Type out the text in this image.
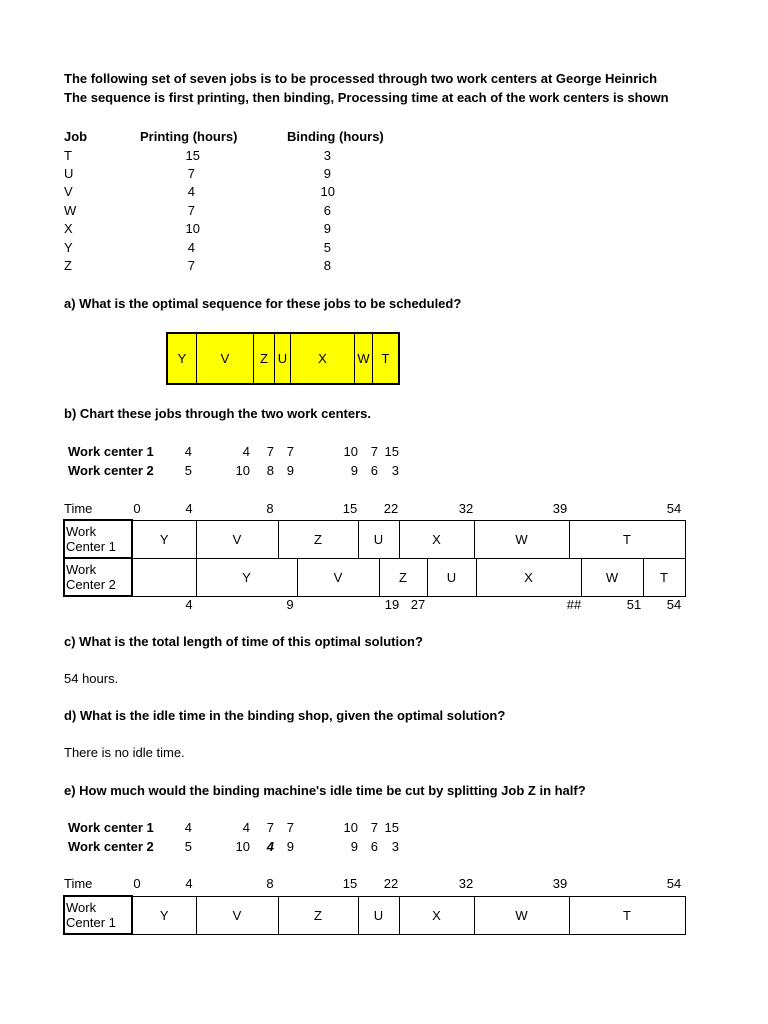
The following set of seven jobs is to be processed through two work centers at George Heinrich
The sequence is first printing, then binding, Processing time at each of the work centers is shown
Job	Printing (hours)	Binding (hours)
T	15	3
U	7	9
V	4	10
W	7	6
X	10	9
Y	4	5
Z	7	8
a) What is the optimal sequence for these jobs to be scheduled?
Y	V	Z U	X	W T
b) Chart these jobs through the two work centers.
Work center 1	4	4	7 7	10 7 15
Work center 2	5	10	8 9	9 6	3
Time	0	4	8	15 22	32	39	54
Work
Center 1	Y	V	Z	U	X	W	T
Work
Center 2		Y	V	Z	U	X	W	T
4	9	19 27	##	51 54
c) What is the total length of time of this optimal solution?
54 hours.
d) What is the idle time in the binding shop, given the optimal solution?
There is no idle time.
e) How much would the binding machine's idle time be cut by splitting Job Z in half?
Work center 1	4	4	7 7	10 7 15
Work center 2	5	10	4 9	9 6	3
Time	0	4	8	15 22	32	39	54
Work
Center 1	Y	V	Z	U	X	W	T
